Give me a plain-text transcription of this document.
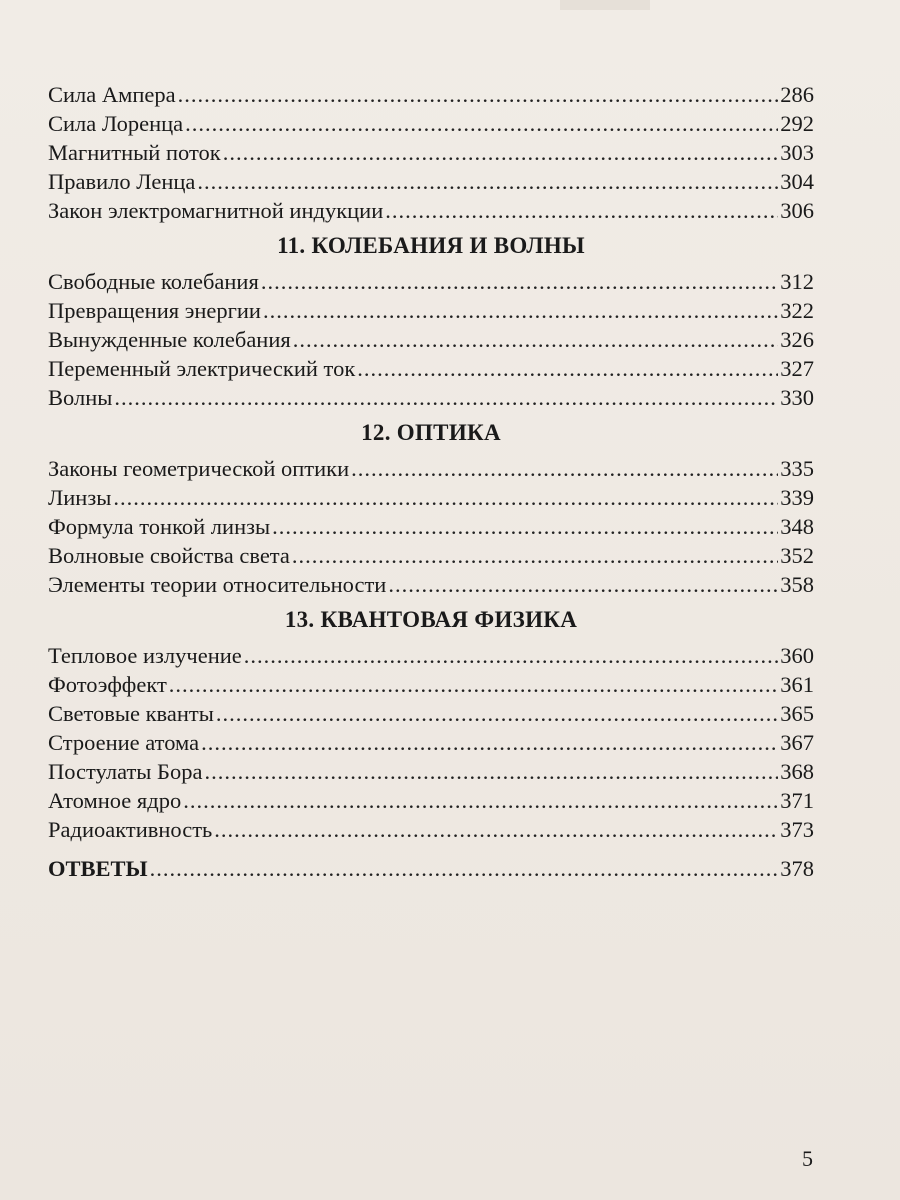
Сила Ампера .....	286
Сила Лоренца .....	292
Магнитный поток .....	303
Правило Ленца .....	304
Закон электромагнитной индукции .....	306
11. КОЛЕБАНИЯ И ВОЛНЫ
Свободные колебания .....	312
Превращения энергии .....	322
Вынужденные колебания .....	326
Переменный электрический ток .....	327
Волны .....	330
12. ОПТИКА
Законы геометрической оптики .....	335
Линзы .....	339
Формула тонкой линзы .....	348
Волновые свойства света .....	352
Элементы теории относительности .....	358
13. КВАНТОВАЯ ФИЗИКА
Тепловое излучение .....	360
Фотоэффект .....	361
Световые кванты .....	365
Строение атома .....	367
Постулаты Бора .....	368
Атомное ядро .....	371
Радиоактивность .....	373
ОТВЕТЫ .....	378
5
